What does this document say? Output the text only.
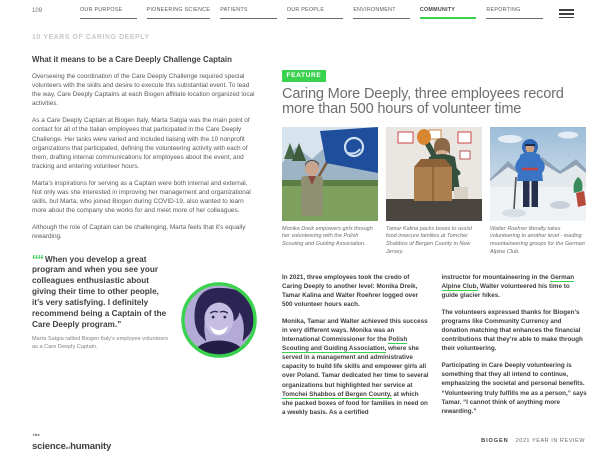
109	OUR PURPOSE	PIONEERING SCIENCE PATIENTS	OUR PEOPLE	ENVIRONMENT	COMMUNITY	REPORTING
10 YEARS OF CARING DEEPLY
What it means to be a Care Deeply Challenge Captain

Overseeing the coordination of the Care Deeply Challenge required special volunteers with the skills and desire to execute this substantial event. To lead the way, Care Deeply Captains at each Biogen affiliate location organized local activities.

As a Care Deeply Captain at Biogen Italy, Marta Satgia was the main point of contact for all of the Italian employees that participated in the Care Deeply Challenge. Her tasks were varied and included liaising with the 10 nonprofit organizations that participated, defining the volunteering activity with each of them, drafting internal communications for employees about the event, and tracking and entering volunteer hours.

Marta’s inspirations for serving as a Captain were both internal and external. Not only was she interested in improving her management and organizational skills, but Marta, who joined Biogen during COVID-19, also wanted to learn more about the company she works for and meet more of her colleagues.

Although the role of Captain can be challenging, Marta feels that it’s equally rewarding.

““ When you develop a great program and when you see your colleagues enthusiastic about giving their time to other people, it’s very satisfying. I definitely recommend being a Captain of the Care Deeply program.”

Marta Satgia rallied Biogen Italy’s employee volunteers as a Care Deeply Captain.

FEATURE
Caring More Deeply, three employees record more than 500 hours of volunteer time
Monika Dreik empowers girls through her volunteering with the Polish Scouting and Guiding Association.
Tamar Kalina packs boxes to assist food insecure families at Tomchei Shabbos of Bergen County in New Jersey.
Walter Roehrer literally takes volunteering to another level - leading mountaineering groups for the German Alpine Club.

In 2021, three employees took the credo of Caring Deeply to another level: Monika Dreik, Tamar Kalina and Walter Roehrer logged over 500 volunteer hours each.

Monika, Tamar and Walter achieved this success in very different ways. Monika was an International Commissioner for the Polish Scouting and Guiding Association, where she served in a management and administrative capacity to build life skills and empower girls all over Poland. Tamar dedicated her time to several organizations but highlighted her service at Tomchei Shabbos of Bergen County, at which she packed boxes of food for families in need on a weekly basis. As a certified

instructor for mountaineering in the German Alpine Club, Walter volunteered his time to guide glacier hikes.

The volunteers expressed thanks for Biogen’s programs like Community Currency and donation matching that enhances the financial contributions that they’re able to make through their volunteering.

Participating in Care Deeply volunteering is something that they all intend to continue, emphasizing the societal and personal benefits. “Volunteering truly fulfills me as a person,” says Tamar. “I cannot think of anything more rewarding.”

the
scienceofhumanity
BIOGEN 2021 YEAR IN REVIEW
